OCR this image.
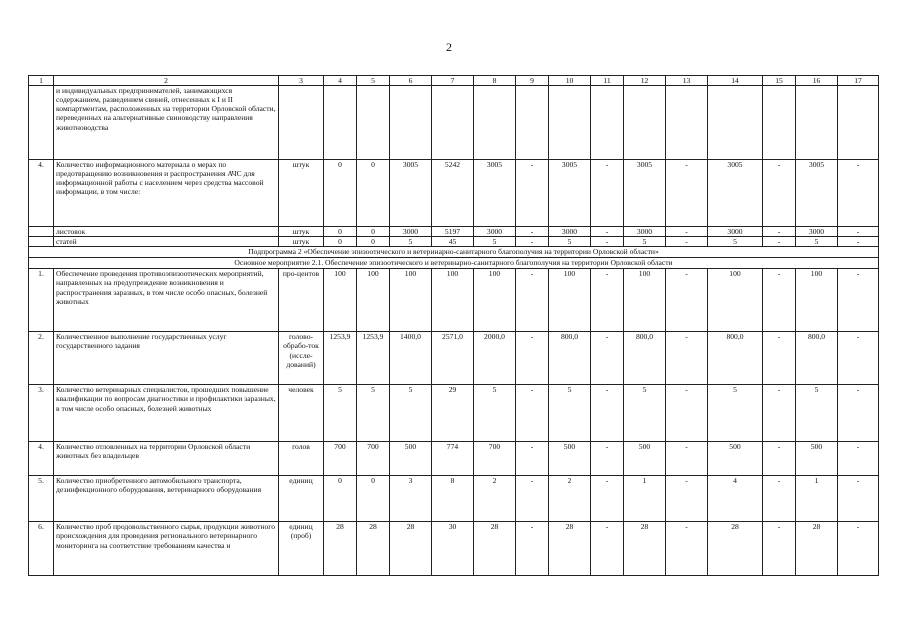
2
1	2	3	4	5	6	7	8	9	10	11	12	13	14	15	16	17
	и индивидуальных предпринимателей, занимающихся содержанием, разведением свиней, отнесенных к I и II компартментам, расположенных на территории Орловской области, переведенных на альтернативные свиноводству направления животноводства															
4.	Количество информационного материала о мерах по предотвращению возникновения и распространения АЧС для информационной работы с населением через средства массовой информации, в том числе:	штук	0	0	3005	5242	3005	-	3005	-	3005	-	3005	-	3005	-
	листовок	штук	0	0	3000	5197	3000	-	3000	-	3000	-	3000	-	3000	-
	статей	штук	0	0	5	45	5	-	5	-	5	-	5	-	5	-
Подпрограмма 2 «Обеспечение эпизоотического и ветеринарно-санитарного благополучия на территории Орловской области»																
Основное мероприятие 2.1. Обеспечение эпизоотического и ветеринарно-санитарного благополучия на территории Орловской области																
1.	Обеспечение проведения противоэпизоотических мероприятий, направленных на предупреждение возникновения и распространения заразных, в том числе особо опасных, болезней животных	про-центов	100	100	100	100	100	-	100	-	100	-	100	-	100	-
2.	Количественное выполнение государственных услуг государственного задания	голово-обрабо-ток (иссле-дований)	1253,9	1253,9	1400,0	2571,0	2000,0	-	800,0	-	800,0	-	800,0	-	800,0	-
3.	Количество ветеринарных специалистов, прошедших повышение квалификации по вопросам диагностики и профилактики заразных, в том числе особо опасных, болезней животных	человек	5	5	5	29	5	-	5	-	5	-	5	-	5	-
4.	Количество отловленных на территории Орловской области животных без владельцев	голов	700	700	500	774	700	-	500	-	500	-	500	-	500	-
5.	Количество приобретенного автомобильного транспорта, дезинфекционного оборудования, ветеринарного оборудования	единиц	0	0	3	8	2	-	2	-	1	-	4	-	1	-
6.	Количество проб продовольственного сырья, продукции животного происхождения для проведения регионального ветеринарного мониторинга на соответствие требованиям качества и	единиц (проб)	28	28	28	30	28	-	28	-	28	-	28	-	28	-
